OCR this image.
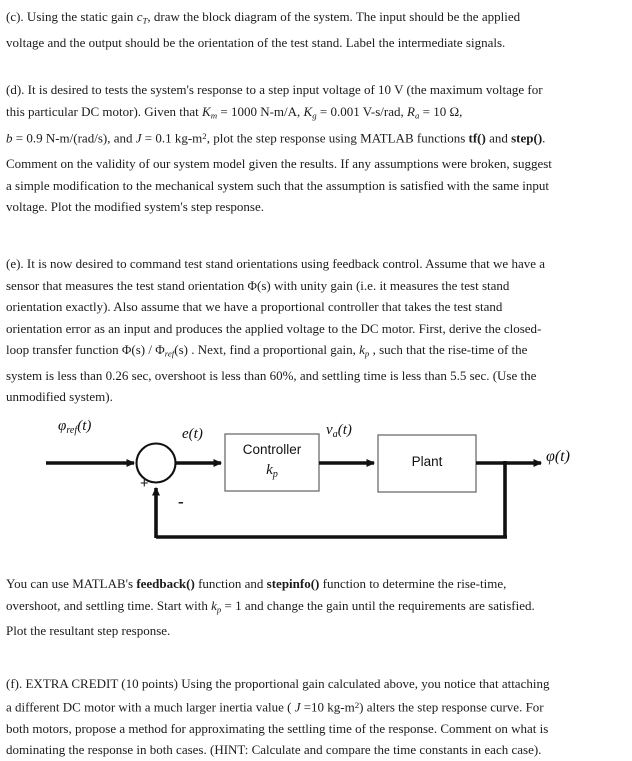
(c). Using the static gain $c_T$, draw the block diagram of the system. The input should be the applied
voltage and the output should be the orientation of the test stand. Label the intermediate signals.
(d). It is desired to tests the system's response to a step input voltage of 10 V (the maximum voltage for
this particular DC motor). Given that $K_m = 1000$ N-m/A, $K_g = 0.001$ V-s/rad, $R_a = 10$ Ω,
b = 0.9 N-m/(rad/s), and J = 0.1 $kg-m^2$, plot the step response using MATLAB functions tf() and step().
Comment on the validity of our system model given the results. If any assumptions were broken, suggest
a simple modification to the mechanical system such that the assumption is satisfied with the same input
voltage. Plot the modified system's step response.
(e). It is now desired to command test stand orientations using feedback control. Assume that we have a
sensor that measures the test stand orientation Φ(s) with unity gain (i.e. it measures the test stand
orientation exactly). Also assume that we have a proportional controller that takes the test stand
orientation error as an input and produces the applied voltage to the DC motor. First, derive the closed-
loop transfer function $\Phi(s) / \Phi_{ref}(s)$ . Next, find a proportional gain, $k_p$ , such that the rise-time of the
system is less than 0.26 sec, overshoot is less than 60%, and settling time is less than 5.5 sec. (Use the
unmodified system).
$\varphi_{ref}(t)$	e(t)	$v_a(t)$
φ(t)
+
-
Controller
$k_p$
Plant
You can use MATLAB's feedback() function and stepinfo() function to determine the rise-time,
overshoot, and settling time. Start with $k_p = 1$ and change the gain until the requirements are satisfied.
Plot the resultant step response.
(f). EXTRA CREDIT (10 points) Using the proportional gain calculated above, you notice that attaching
a different DC motor with a much larger inertia value ( J =10 $kg-m^2$) alters the step response curve. For
both motors, propose a method for approximating the settling time of the response. Comment on what is
dominating the response in both cases. (HINT: Calculate and compare the time constants in each case).
